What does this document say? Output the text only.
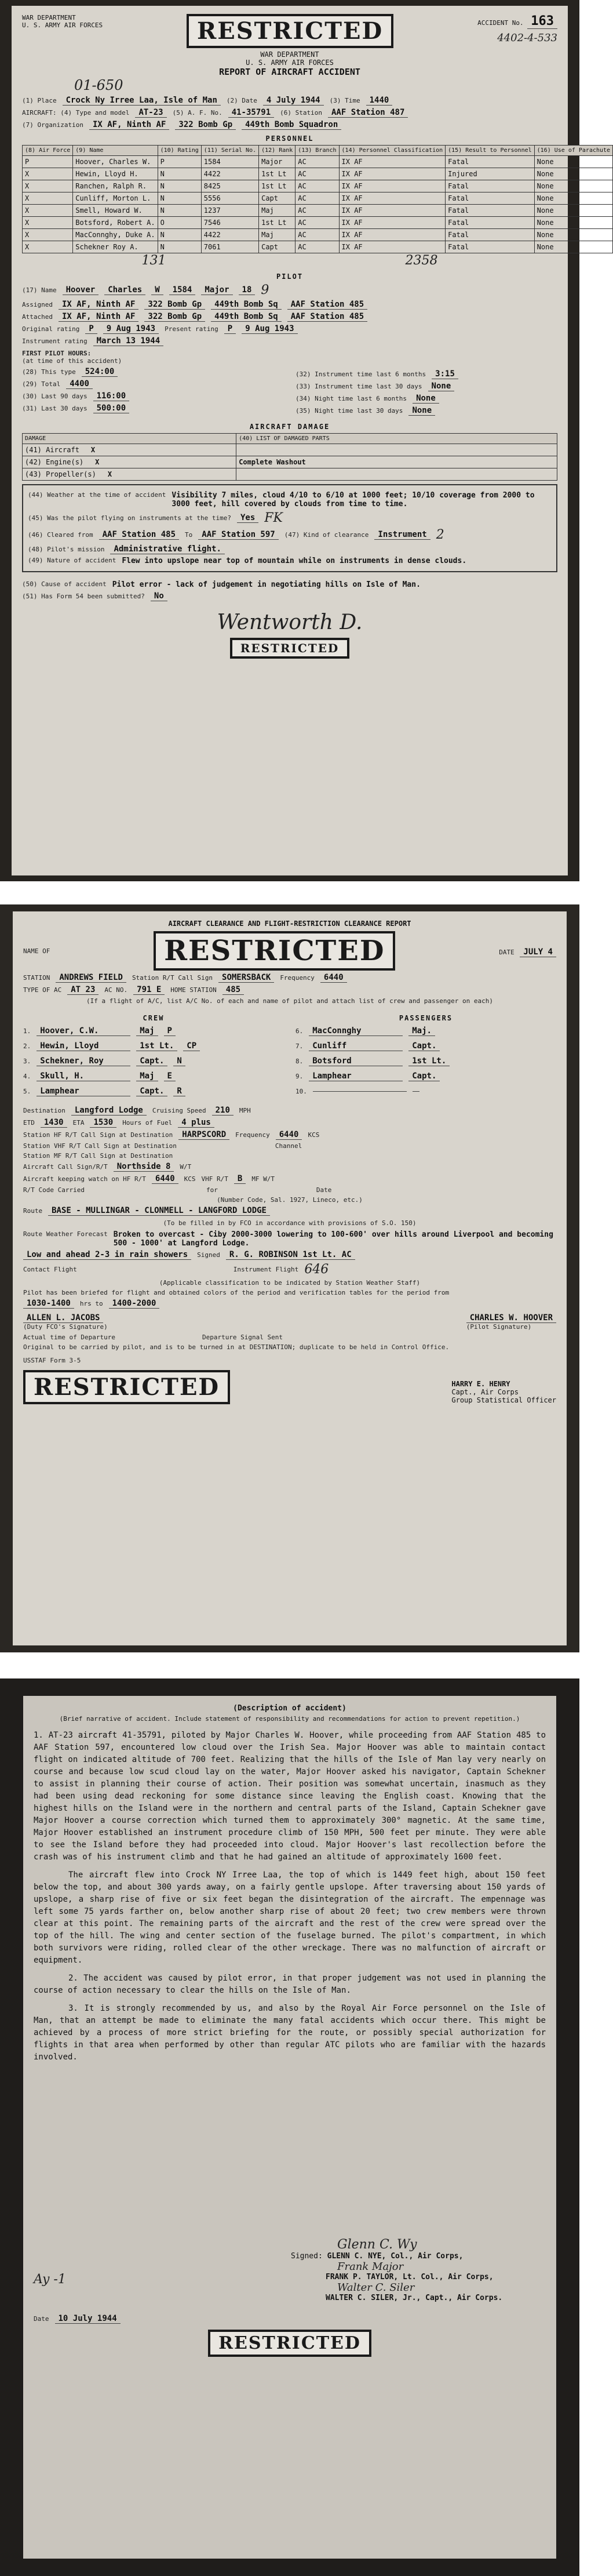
WAR DEPARTMENT
U. S. ARMY AIR FORCES	RESTRICTED	ACCIDENT No. 163
4402-4-533
WAR DEPARTMENT
U. S. ARMY AIR FORCES
REPORT OF AIRCRAFT ACCIDENT
01-650
(1) Place	Crock Ny Irree Laa, Isle of Man	(2) Date	4 July 1944	(3) Time	1440
AIRCRAFT: (4) Type and model	AT-23	(5) A. F. No.	41-35791	(6) Station	AAF Station 487
(7) Organization	IX AF, Ninth AF	322 Bomb Gp	449th Bomb Squadron
PERSONNEL
(8) Air Force	(9) Name	(10) Rating	(11) Serial No.	(12) Rank	(13) Branch	(14) Personnel Classification	(15) Result to Personnel	(16) Use of Parachute
P	Hoover, Charles W.	P	1584	Major	AC	IX AF	Fatal	None
X	Hewin, Lloyd H.	N	4422	1st Lt	AC	IX AF	Injured	None
X	Ranchen, Ralph R.	N	8425	1st Lt	AC	IX AF	Fatal	None
X	Cunliff, Morton L.	N	5556	Capt	AC	IX AF	Fatal	None
X	Smell, Howard W.	N	1237	Maj	AC	IX AF	Fatal	None
X	Botsford, Robert A.	O	7546	1st Lt	AC	IX AF	Fatal	None
X	MacConnghy, Duke A.	N	4422	Maj	AC	IX AF	Fatal	None
X	Schekner Roy A.	N	7061	Capt	AC	IX AF	Fatal	None
131	2358
PILOT
(17) Name	Hoover	Charles	W	1584	Major	18 9
Assigned	IX AF, Ninth AF	322 Bomb Gp	449th Bomb Sq	AAF Station 485
Attached	IX AF, Ninth AF	322 Bomb Gp	449th Bomb Sq	AAF Station 485
Original rating	P	9 Aug 1943	Present rating	P	9 Aug 1943
Instrument rating	March 13 1944
FIRST PILOT HOURS:
(at time of this accident)
(28) This type	524:00
(29) Total	4400
(30) Last 90 days	116:00
(31) Last 30 days	500:00
(32) Instrument time last 6 months	3:15
(33) Instrument time last 30 days	None
(34) Night time last 6 months	None
(35) Night time last 30 days	None
AIRCRAFT DAMAGE
DAMAGE	(40) LIST OF DAMAGED PARTS
(41) Aircraft X	
(42) Engine(s) X	Complete Washout
(43) Propeller(s) X	
(44) Weather at the time of accident Visibility 7 miles, cloud 4/10 to 6/10 at 1000 feet; 10/10 coverage from 2000 to 3000 feet, hill covered by clouds from time to time.
(45) Was the pilot flying on instruments at the time?	Yes FK
(46) Cleared from	AAF Station 485	To	AAF Station 597	(47) Kind of clearance	Instrument 2
(48) Pilot's mission	Administrative flight.
(49) Nature of accident Flew into upslope near top of mountain while on instruments in dense clouds.
(50) Cause of accident Pilot error - lack of judgement in negotiating hills on Isle of Man.
(51) Has Form 54 been submitted?	No
Wentworth D.
RESTRICTED
AIRCRAFT CLEARANCE AND FLIGHT-RESTRICTION CLEARANCE REPORT
NAME OF	RESTRICTED	DATE JULY 4
STATION	ANDREWS FIELD	Station R/T Call Sign	SOMERSBACK	Frequency	6440
TYPE OF AC	AT 23	AC NO.	791 E	HOME STATION	485
(If a flight of A/C, list A/C No. of each and name of pilot and attach list of crew and passenger on each)
CREW
1.	Hoover, C.W.	Maj	P
2.	Hewin, Lloyd	1st Lt.	CP
3.	Schekner, Roy	Capt.	N
4.	Skull, H.	Maj	E
5.	Lamphear	Capt.	R
PASSENGERS
6.	MacConnghy	Maj.
7.	Cunliff	Capt.
8.	Botsford	1st Lt.
9.	Lamphear	Capt.
10.
Destination	Langford Lodge	Cruising Speed	210	MPH
ETD	1430	ETA	1530	Hours of Fuel	4 plus
Station HF R/T Call Sign at Destination	HARPSCORD	Frequency	6440	KCS
Station VHF R/T Call Sign at Destination	Channel
Station MF R/T Call Sign at Destination
Aircraft Call Sign/R/T	Northside 8	W/T
Aircraft keeping watch on HF R/T	6440	KCS VHF R/T	B	MF W/T
R/T Code Carried	for	Date
(Number Code, Sal. 1927, Lineco, etc.)
Route	BASE - MULLINGAR - CLONMELL - LANGFORD LODGE
(To be filled in by FCO in accordance with provisions of S.O. 150)
Route Weather Forecast Broken to overcast - Ciby 2000-3000 lowering to 100-600' over hills around Liverpool and becoming 500 - 1000' at Langford Lodge.
Low and ahead 2-3 in rain showers	Signed	R. G. ROBINSON 1st Lt. AC
Contact Flight	Instrument Flight 646
(Applicable classification to be indicated by Station Weather Staff)
Pilot has been briefed for flight and obtained colors of the period and verification tables for the period from
1030-1400	hrs to	1400-2000
ALLEN L. JACOBS
(Duty FCO's Signature)
CHARLES W. HOOVER
(Pilot Signature)
Actual time of Departure	Departure Signal Sent
Original to be carried by pilot, and is to be turned in at DESTINATION; duplicate to be held in Control Office.
USSTAF Form 3-5
RESTRICTED	HARRY E. HENRY
Capt., Air Corps
Group Statistical Officer
(Description of accident)
(Brief narrative of accident. Include statement of responsibility and recommendations for action to prevent repetition.)
1. AT-23 aircraft 41-35791, piloted by Major Charles W. Hoover, while proceeding from AAF Station 485 to AAF Station 597, encountered low cloud over the Irish Sea. Major Hoover was able to maintain contact flight on indicated altitude of 700 feet. Realizing that the hills of the Isle of Man lay very nearly on course and because low scud cloud lay on the water, Major Hoover asked his navigator, Captain Schekner to assist in planning their course of action. Their position was somewhat uncertain, inasmuch as they had been using dead reckoning for some distance since leaving the English coast. Knowing that the highest hills on the Island were in the northern and central parts of the Island, Captain Schekner gave Major Hoover a course correction which turned them to approximately 300° magnetic. At the same time, Major Hoover established an instrument procedure climb of 150 MPH, 500 feet per minute. They were able to see the Island before they had proceeded into cloud. Major Hoover's last recollection before the crash was of his instrument climb and that he had gained an altitude of approximately 1600 feet.
The aircraft flew into Crock NY Irree Laa, the top of which is 1449 feet high, about 150 feet below the top, and about 300 yards away, on a fairly gentle upslope. After traversing about 150 yards of upslope, a sharp rise of five or six feet began the disintegration of the aircraft. The empennage was left some 75 yards farther on, below another sharp rise of about 20 feet; two crew members were thrown clear at this point. The remaining parts of the aircraft and the rest of the crew were spread over the top of the hill. The wing and center section of the fuselage burned. The pilot's compartment, in which both survivors were riding, rolled clear of the other wreckage. There was no malfunction of aircraft or equipment.
2. The accident was caused by pilot error, in that proper judgement was not used in planning the course of action necessary to clear the hills on the Isle of Man.
3. It is strongly recommended by us, and also by the Royal Air Force personnel on the Isle of Man, that an attempt be made to eliminate the many fatal accidents which occur there. This might be achieved by a process of more strict briefing for the route, or possibly special authorization for flights in that area when performed by other than regular ATC pilots who are familiar with the hazards involved.
Ay -1
Glenn C. Wy
Signed: GLENN C. NYE, Col., Air Corps,
Frank Major
FRANK P. TAYLOR, Lt. Col., Air Corps,
Walter C. Siler
WALTER C. SILER, Jr., Capt., Air Corps.
Date	10 July 1944
RESTRICTED
